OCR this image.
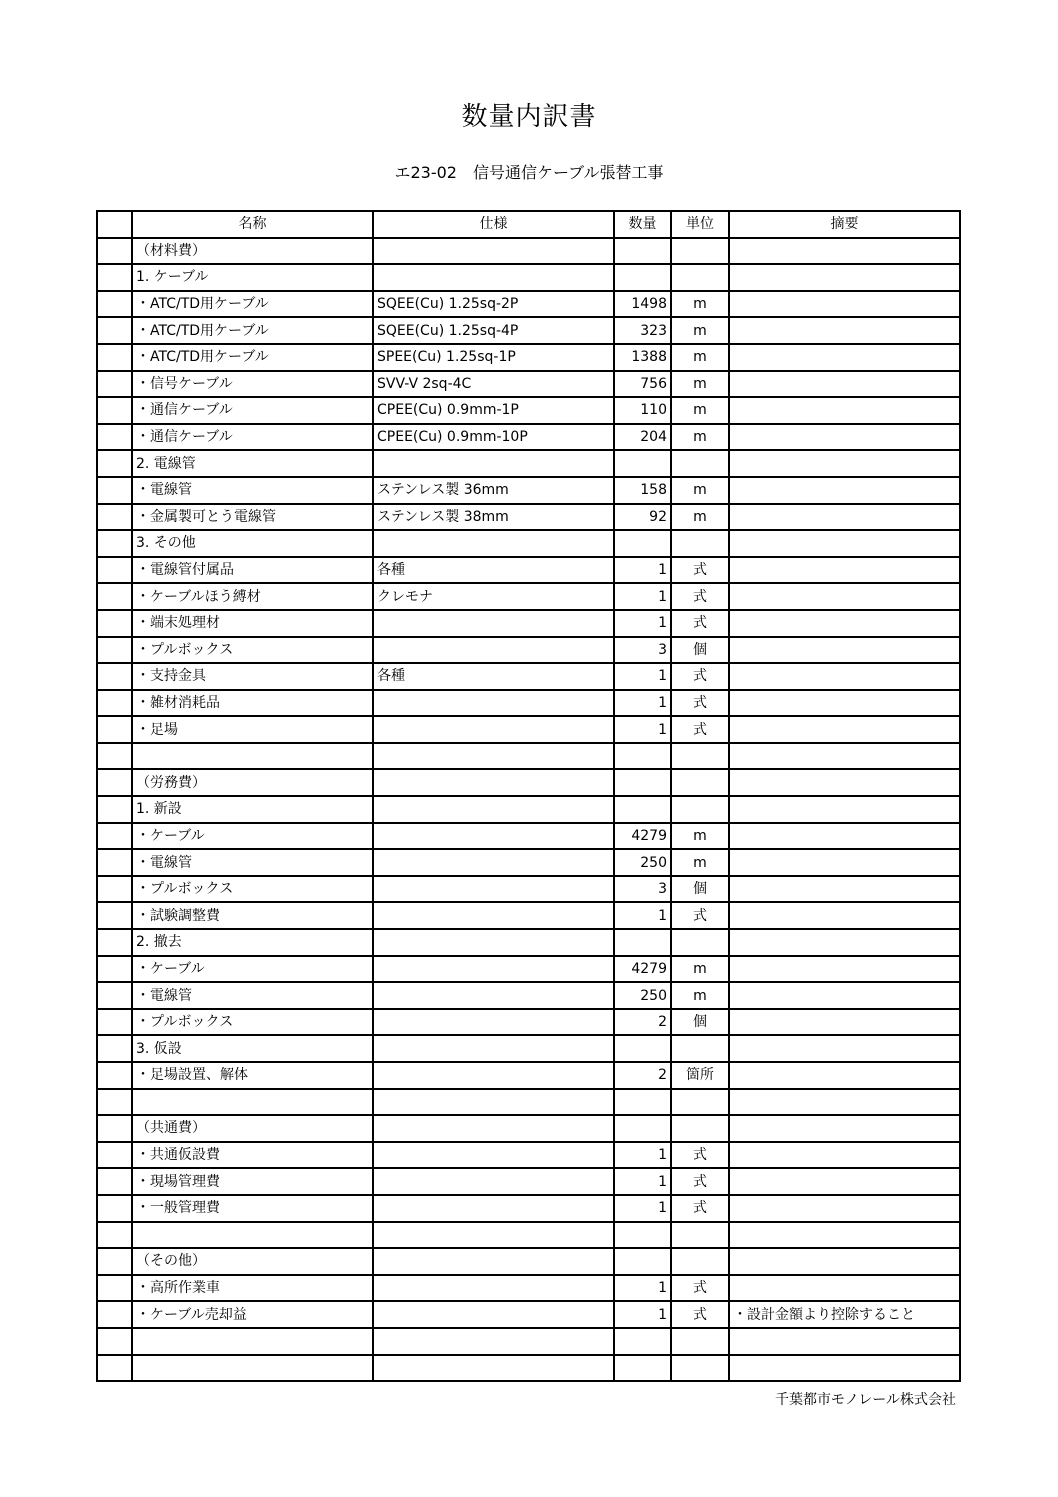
数量内訳書
エ23-02　信号通信ケーブル張替工事
	名称	仕様	数量	単位	摘要
	（材料費）				
	1. ケーブル				
	・ATC/TD用ケーブル	SQEE(Cu) 1.25sq-2P	1498	m	
	・ATC/TD用ケーブル	SQEE(Cu) 1.25sq-4P	323	m	
	・ATC/TD用ケーブル	SPEE(Cu) 1.25sq-1P	1388	m	
	・信号ケーブル	SVV-V 2sq-4C	756	m	
	・通信ケーブル	CPEE(Cu) 0.9mm-1P	110	m	
	・通信ケーブル	CPEE(Cu) 0.9mm-10P	204	m	
	2. 電線管				
	・電線管	ステンレス製 36mm	158	m	
	・金属製可とう電線管	ステンレス製 38mm	92	m	
	3. その他				
	・電線管付属品	各種	1	式	
	・ケーブルほう縛材	クレモナ	1	式	
	・端末処理材		1	式	
	・プルボックス		3	個	
	・支持金具	各種	1	式	
	・雑材消耗品		1	式	
	・足場		1	式	

	（労務費）				
	1. 新設				
	・ケーブル		4279	m	
	・電線管		250	m	
	・プルボックス		3	個	
	・試験調整費		1	式	
	2. 撤去				
	・ケーブル		4279	m	
	・電線管		250	m	
	・プルボックス		2	個	
	3. 仮設				
	・足場設置、解体		2	箇所	

	（共通費）				
	・共通仮設費		1	式	
	・現場管理費		1	式	
	・一般管理費		1	式	

	（その他）				
	・高所作業車		1	式	
	・ケーブル売却益		1	式	・設計金額より控除すること

千葉都市モノレール株式会社
